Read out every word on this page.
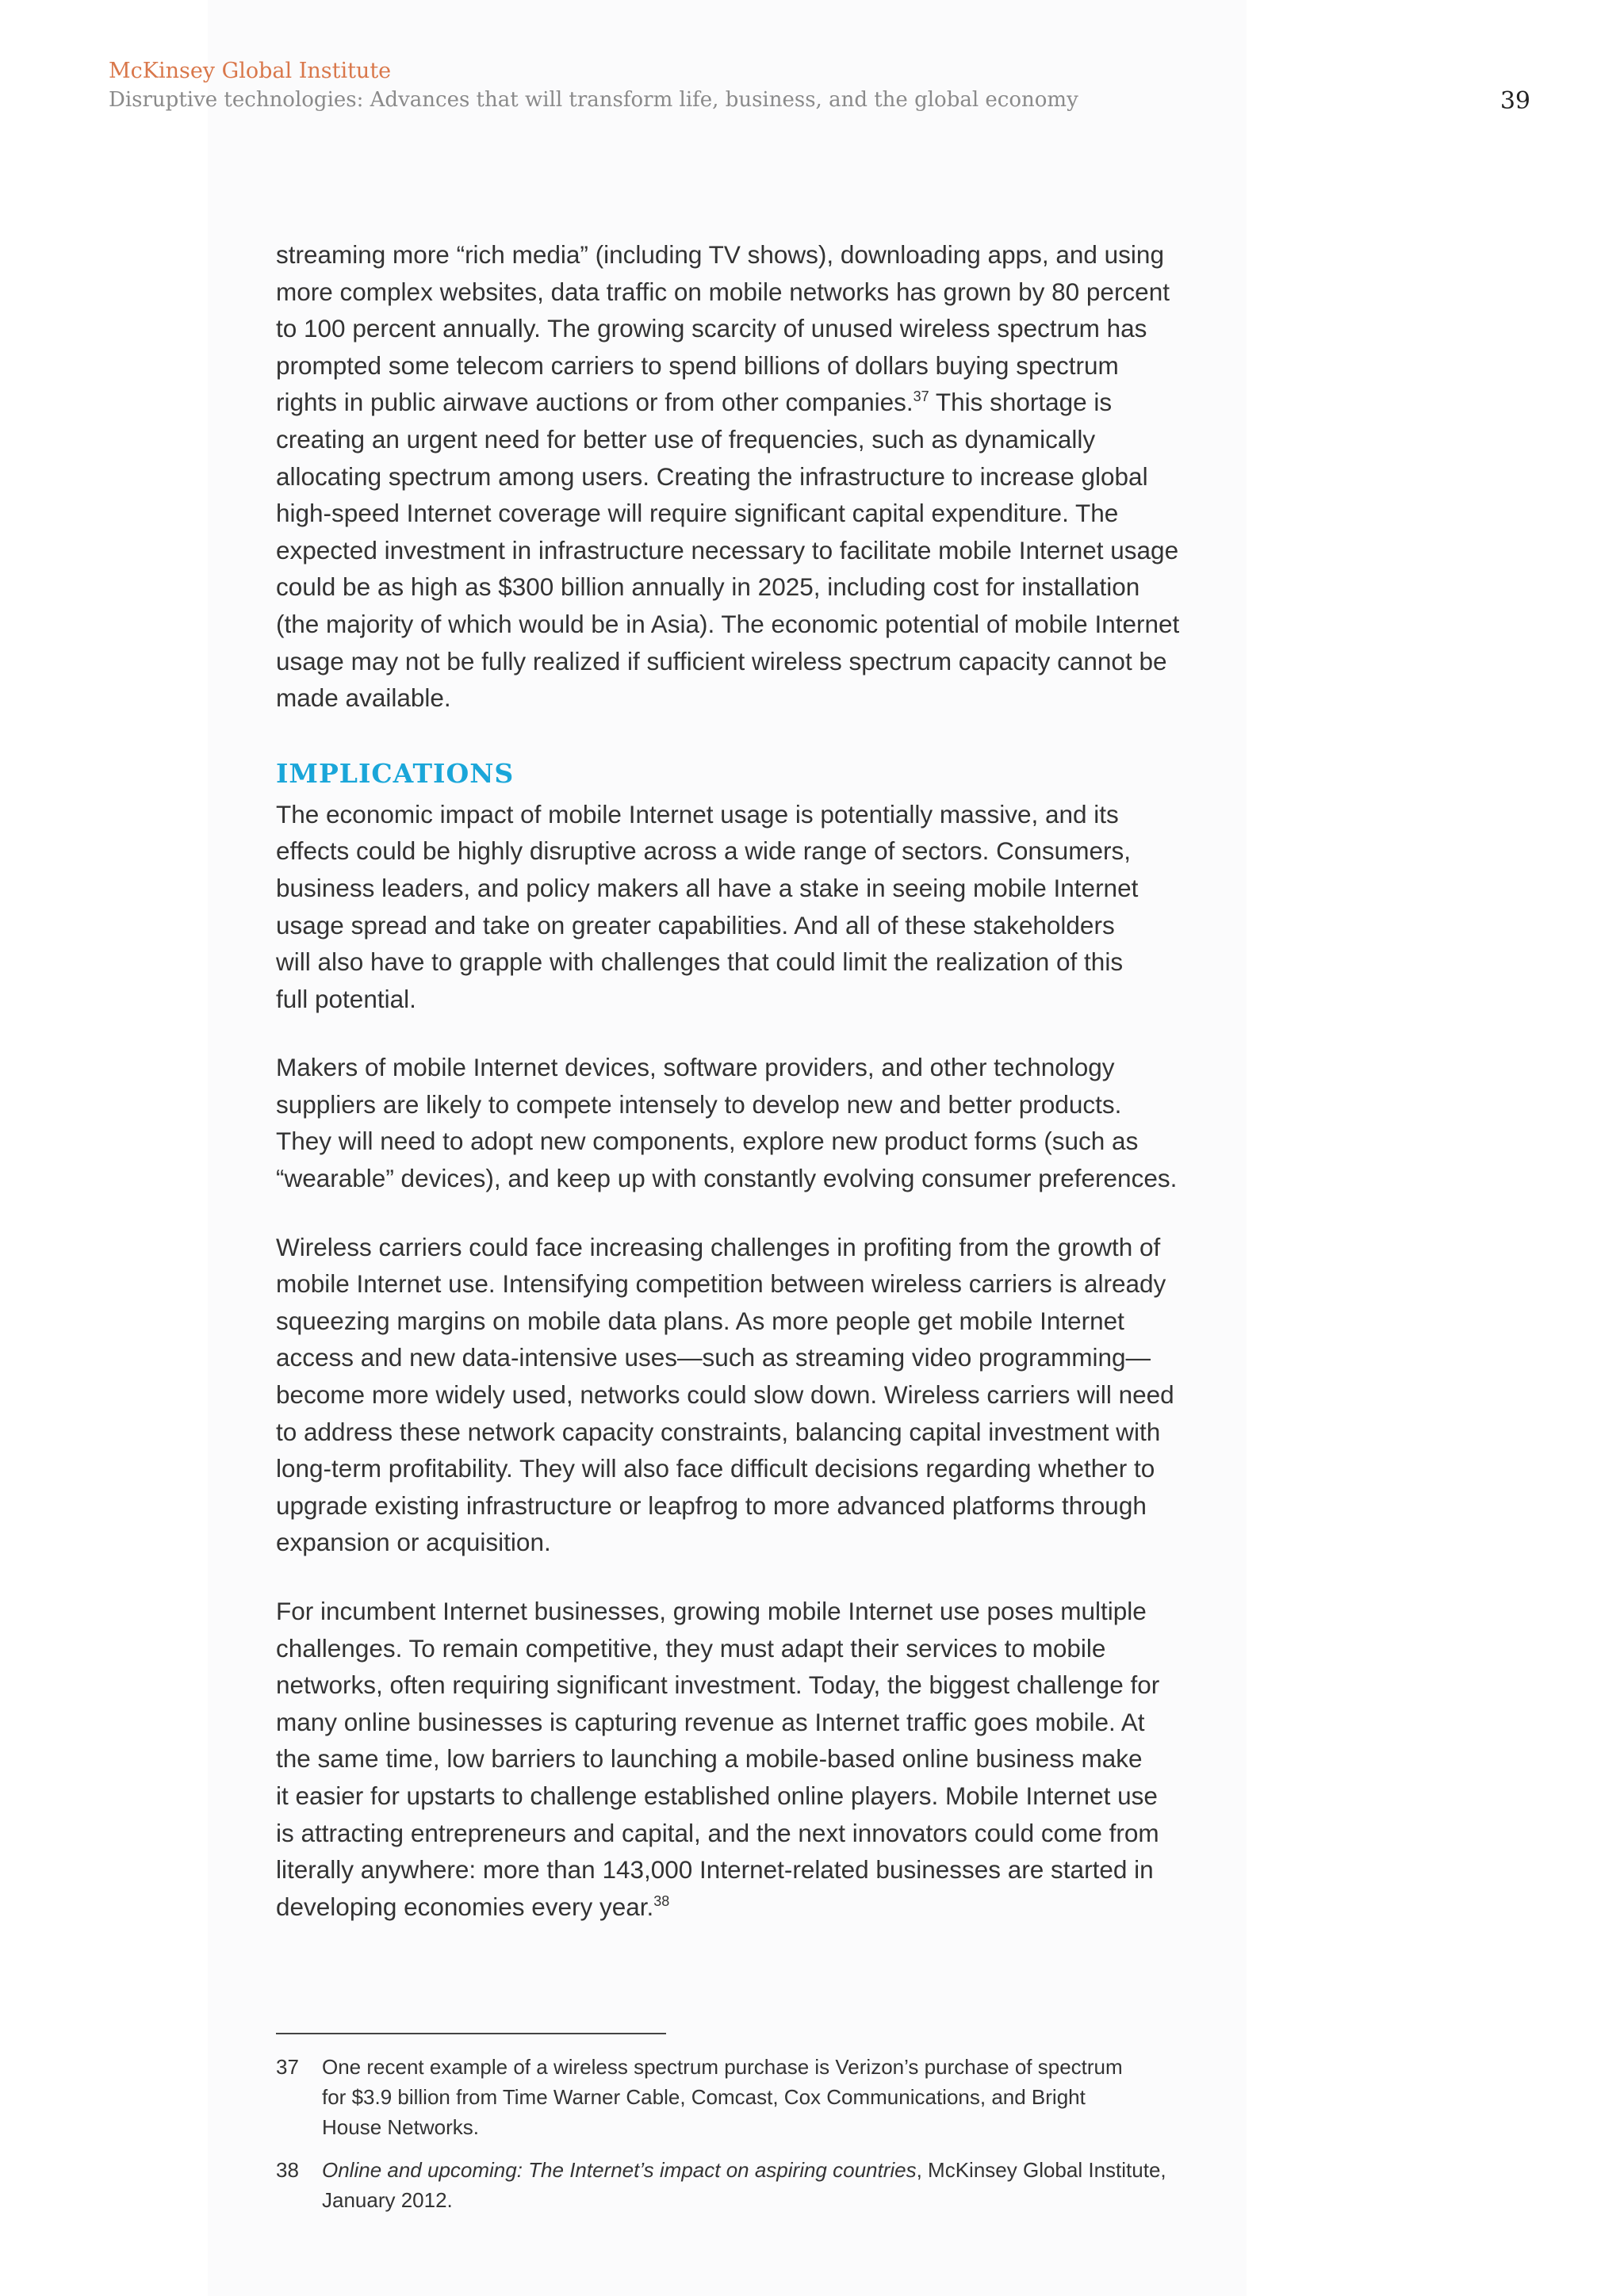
McKinsey Global Institute
Disruptive technologies: Advances that will transform life, business, and the global economy	39

streaming more “rich media” (including TV shows), downloading apps, and using
more complex websites, data traffic on mobile networks has grown by 80 percent
to 100 percent annually. The growing scarcity of unused wireless spectrum has
prompted some telecom carriers to spend billions of dollars buying spectrum
rights in public airwave auctions or from other companies.$^{37}$ This shortage is
creating an urgent need for better use of frequencies, such as dynamically
allocating spectrum among users. Creating the infrastructure to increase global
high-speed Internet coverage will require significant capital expenditure. The
expected investment in infrastructure necessary to facilitate mobile Internet usage
could be as high as $300 billion annually in 2025, including cost for installation
(the majority of which would be in Asia). The economic potential of mobile Internet
usage may not be fully realized if sufficient wireless spectrum capacity cannot be
made available.

IMPLICATIONS

The economic impact of mobile Internet usage is potentially massive, and its
effects could be highly disruptive across a wide range of sectors. Consumers,
business leaders, and policy makers all have a stake in seeing mobile Internet
usage spread and take on greater capabilities. And all of these stakeholders
will also have to grapple with challenges that could limit the realization of this
full potential.

Makers of mobile Internet devices, software providers, and other technology
suppliers are likely to compete intensely to develop new and better products.
They will need to adopt new components, explore new product forms (such as
“wearable” devices), and keep up with constantly evolving consumer preferences.

Wireless carriers could face increasing challenges in profiting from the growth of
mobile Internet use. Intensifying competition between wireless carriers is already
squeezing margins on mobile data plans. As more people get mobile Internet
access and new data-intensive uses—such as streaming video programming—
become more widely used, networks could slow down. Wireless carriers will need
to address these network capacity constraints, balancing capital investment with
long-term profitability. They will also face difficult decisions regarding whether to
upgrade existing infrastructure or leapfrog to more advanced platforms through
expansion or acquisition.

For incumbent Internet businesses, growing mobile Internet use poses multiple
challenges. To remain competitive, they must adapt their services to mobile
networks, often requiring significant investment. Today, the biggest challenge for
many online businesses is capturing revenue as Internet traffic goes mobile. At
the same time, low barriers to launching a mobile-based online business make
it easier for upstarts to challenge established online players. Mobile Internet use
is attracting entrepreneurs and capital, and the next innovators could come from
literally anywhere: more than 143,000 Internet-related businesses are started in
developing economies every year.$^{38}$

37 One recent example of a wireless spectrum purchase is Verizon’s purchase of spectrum
for $3.9 billion from Time Warner Cable, Comcast, Cox Communications, and Bright
House Networks.
38 Online and upcoming: The Internet’s impact on aspiring countries, McKinsey Global Institute,
January 2012.
